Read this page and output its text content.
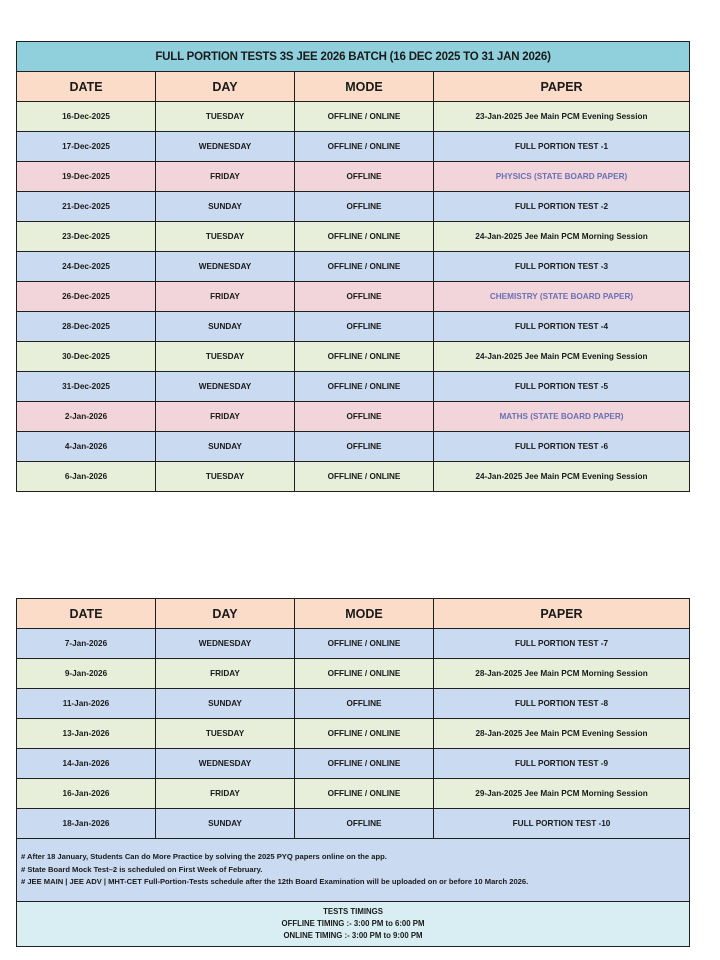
FULL PORTION TESTS 3S JEE 2026 BATCH (16 DEC 2025 TO 31 JAN 2026)			
DATE	DAY	MODE	PAPER
16-Dec-2025	TUESDAY	OFFLINE / ONLINE	23-Jan-2025 Jee Main PCM Evening Session
17-Dec-2025	WEDNESDAY	OFFLINE / ONLINE	FULL PORTION TEST -1
19-Dec-2025	FRIDAY	OFFLINE	PHYSICS (STATE BOARD PAPER)
21-Dec-2025	SUNDAY	OFFLINE	FULL PORTION TEST -2
23-Dec-2025	TUESDAY	OFFLINE / ONLINE	24-Jan-2025 Jee Main PCM Morning Session
24-Dec-2025	WEDNESDAY	OFFLINE / ONLINE	FULL PORTION TEST -3
26-Dec-2025	FRIDAY	OFFLINE	CHEMISTRY (STATE BOARD PAPER)
28-Dec-2025	SUNDAY	OFFLINE	FULL PORTION TEST -4
30-Dec-2025	TUESDAY	OFFLINE / ONLINE	24-Jan-2025 Jee Main PCM Evening Session
31-Dec-2025	WEDNESDAY	OFFLINE / ONLINE	FULL PORTION TEST -5
2-Jan-2026	FRIDAY	OFFLINE	MATHS (STATE BOARD PAPER)
4-Jan-2026	SUNDAY	OFFLINE	FULL PORTION TEST -6
6-Jan-2026	TUESDAY	OFFLINE / ONLINE	24-Jan-2025 Jee Main PCM Evening Session
DATE	DAY	MODE	PAPER
7-Jan-2026	WEDNESDAY	OFFLINE / ONLINE	FULL PORTION TEST -7
9-Jan-2026	FRIDAY	OFFLINE / ONLINE	28-Jan-2025 Jee Main PCM Morning Session
11-Jan-2026	SUNDAY	OFFLINE	FULL PORTION TEST -8
13-Jan-2026	TUESDAY	OFFLINE / ONLINE	28-Jan-2025 Jee Main PCM Evening Session
14-Jan-2026	WEDNESDAY	OFFLINE / ONLINE	FULL PORTION TEST -9
16-Jan-2026	FRIDAY	OFFLINE / ONLINE	29-Jan-2025 Jee Main PCM Morning Session
18-Jan-2026	SUNDAY	OFFLINE	FULL PORTION TEST -10

# After 18 January, Students Can do More Practice by solving the 2025 PYQ papers online on the app.
# State Board Mock Test–2 is scheduled on First Week of February.
# JEE MAIN | JEE ADV | MHT-CET Full-Portion-Tests schedule after the 12th Board Examination will be uploaded on or before 10 March 2026.			

TESTS TIMINGS
OFFLINE TIMING :- 3:00 PM to 6:00 PM
ONLINE TIMING :- 3:00 PM to 9:00 PM			
